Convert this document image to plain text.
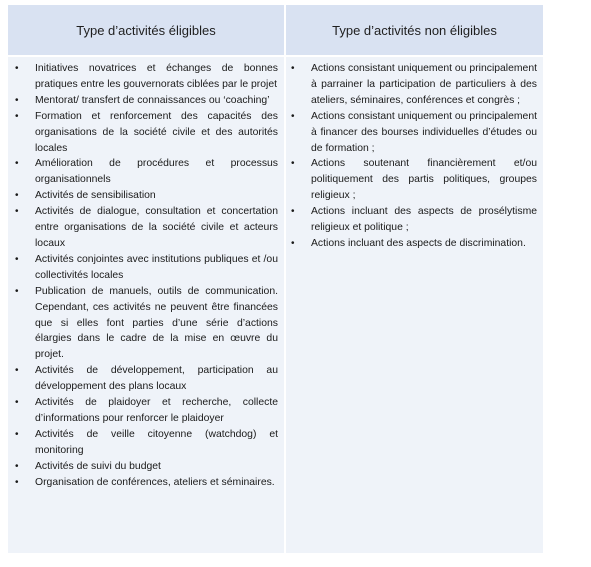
Type d’activités éligibles
• Initiatives novatrices et échanges de bonnes pratiques entre les gouvernorats ciblées par le projet
• Mentorat/ transfert de connaissances ou ‘coaching’
• Formation et renforcement des capacités des organisations de la société civile et des autorités locales
• Amélioration de procédures et processus organisationnels
• Activités de sensibilisation
• Activités de dialogue, consultation et concertation entre organisations de la société civile et acteurs locaux
• Activités conjointes avec institutions publiques et /ou collectivités locales
• Publication de manuels, outils de communication. Cependant, ces activités ne peuvent être financées que si elles font parties d’une série d’actions élargies dans le cadre de la mise en œuvre du projet.
• Activités de développement, participation au développement des plans locaux
• Activités de plaidoyer et recherche, collecte d’informations pour renforcer le plaidoyer
• Activités de veille citoyenne (watchdog) et monitoring
• Activités de suivi du budget
• Organisation de conférences, ateliers et séminaires.
Type d’activités non éligibles
• Actions consistant uniquement ou principalement à parrainer la participation de particuliers à des ateliers, séminaires, conférences et congrès ;
• Actions consistant uniquement ou principalement à financer des bourses individuelles d’études ou de formation ;
• Actions soutenant financièrement et/ou politiquement des partis politiques, groupes religieux ;
• Actions incluant des aspects de prosélytisme religieux et politique ;
• Actions incluant des aspects de discrimination.
